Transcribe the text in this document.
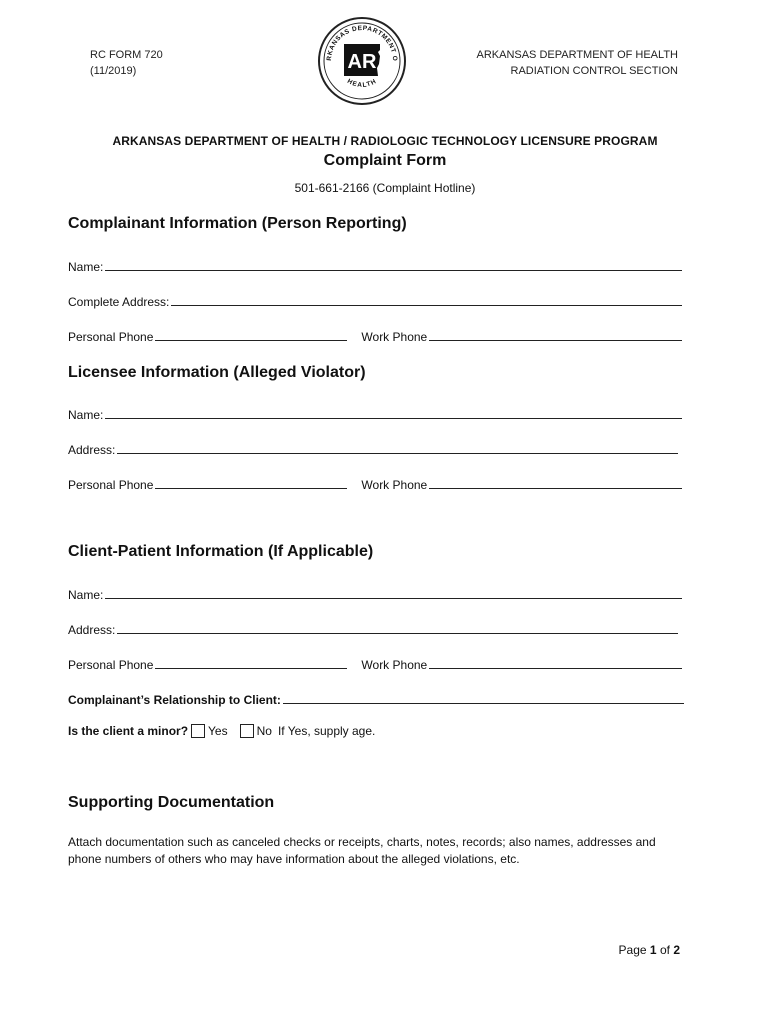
RC FORM 720
(11/2019)
RKANSAS DEPARTMENT O
HEALTH
AR	ARKANSAS DEPARTMENT OF HEALTH
RADIATION CONTROL SECTION
ARKANSAS DEPARTMENT OF HEALTH / RADIOLOGIC TECHNOLOGY LICENSURE PROGRAM
Complaint Form
501-661-2166 (Complaint Hotline)
Complainant Information (Person Reporting)
Name:
Complete Address:
Personal Phone	Work Phone
Licensee Information (Alleged Violator)
Name:
Address:
Personal Phone	Work Phone
Client-Patient Information (If Applicable)
Name:
Address:
Personal Phone	Work Phone
Complainant’s Relationship to Client:
Is the client a minor? Yes No If Yes, supply age.
Supporting Documentation
Attach documentation such as canceled checks or receipts, charts, notes, records; also names, addresses and phone numbers of others who may have information about the alleged violations, etc.
Page 1 of 2
